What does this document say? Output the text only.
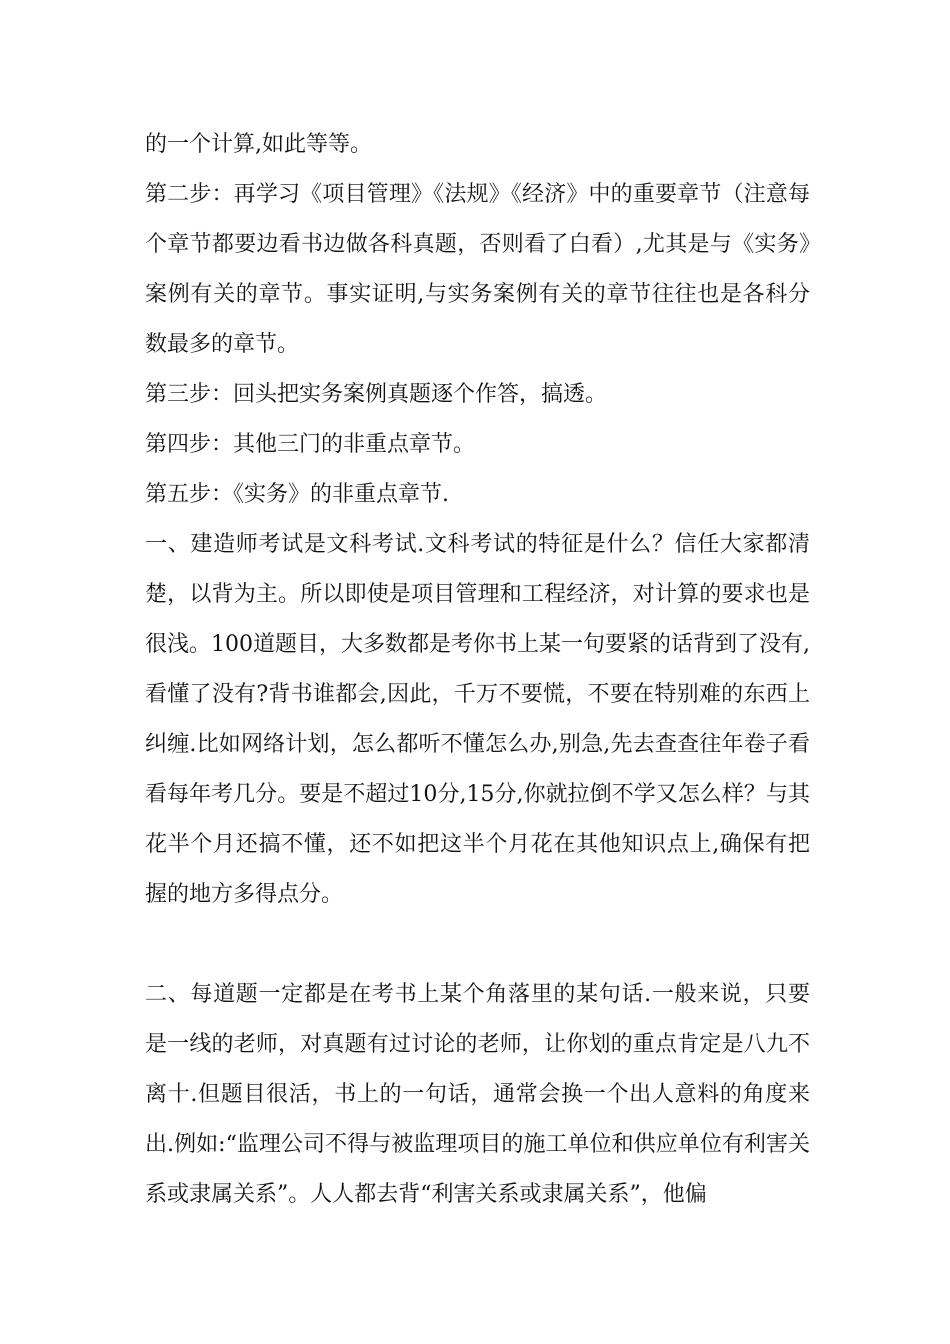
的一个计算,如此等等。

第二步：再学习《项目管理》《法规》《经济》中的重要章节（注意每个章节都要边看书边做各科真题，否则看了白看）,尤其是与《实务》案例有关的章节。事实证明,与实务案例有关的章节往往也是各科分数最多的章节。

第三步：回头把实务案例真题逐个作答，搞透。

第四步：其他三门的非重点章节。

第五步：《实务》的非重点章节.

一、建造师考试是文科考试.文科考试的特征是什么？信任大家都清楚，以背为主。所以即使是项目管理和工程经济，对计算的要求也是很浅。100道题目，大多数都是考你书上某一句要紧的话背到了没有,看懂了没有?背书谁都会,因此，千万不要慌，不要在特别难的东西上纠缠.比如网络计划，怎么都听不懂怎么办,别急,先去查查往年卷子看看每年考几分。要是不超过10分,15分,你就拉倒不学又怎么样？与其花半个月还搞不懂，还不如把这半个月花在其他知识点上,确保有把握的地方多得点分。

二、每道题一定都是在考书上某个角落里的某句话.一般来说，只要是一线的老师，对真题有过讨论的老师，让你划的重点肯定是八九不离十.但题目很活，书上的一句话，通常会换一个出人意料的角度来出.例如:“监理公司不得与被监理项目的施工单位和供应单位有利害关系或隶属关系”。人人都去背“利害关系或隶属关系”，他偏
